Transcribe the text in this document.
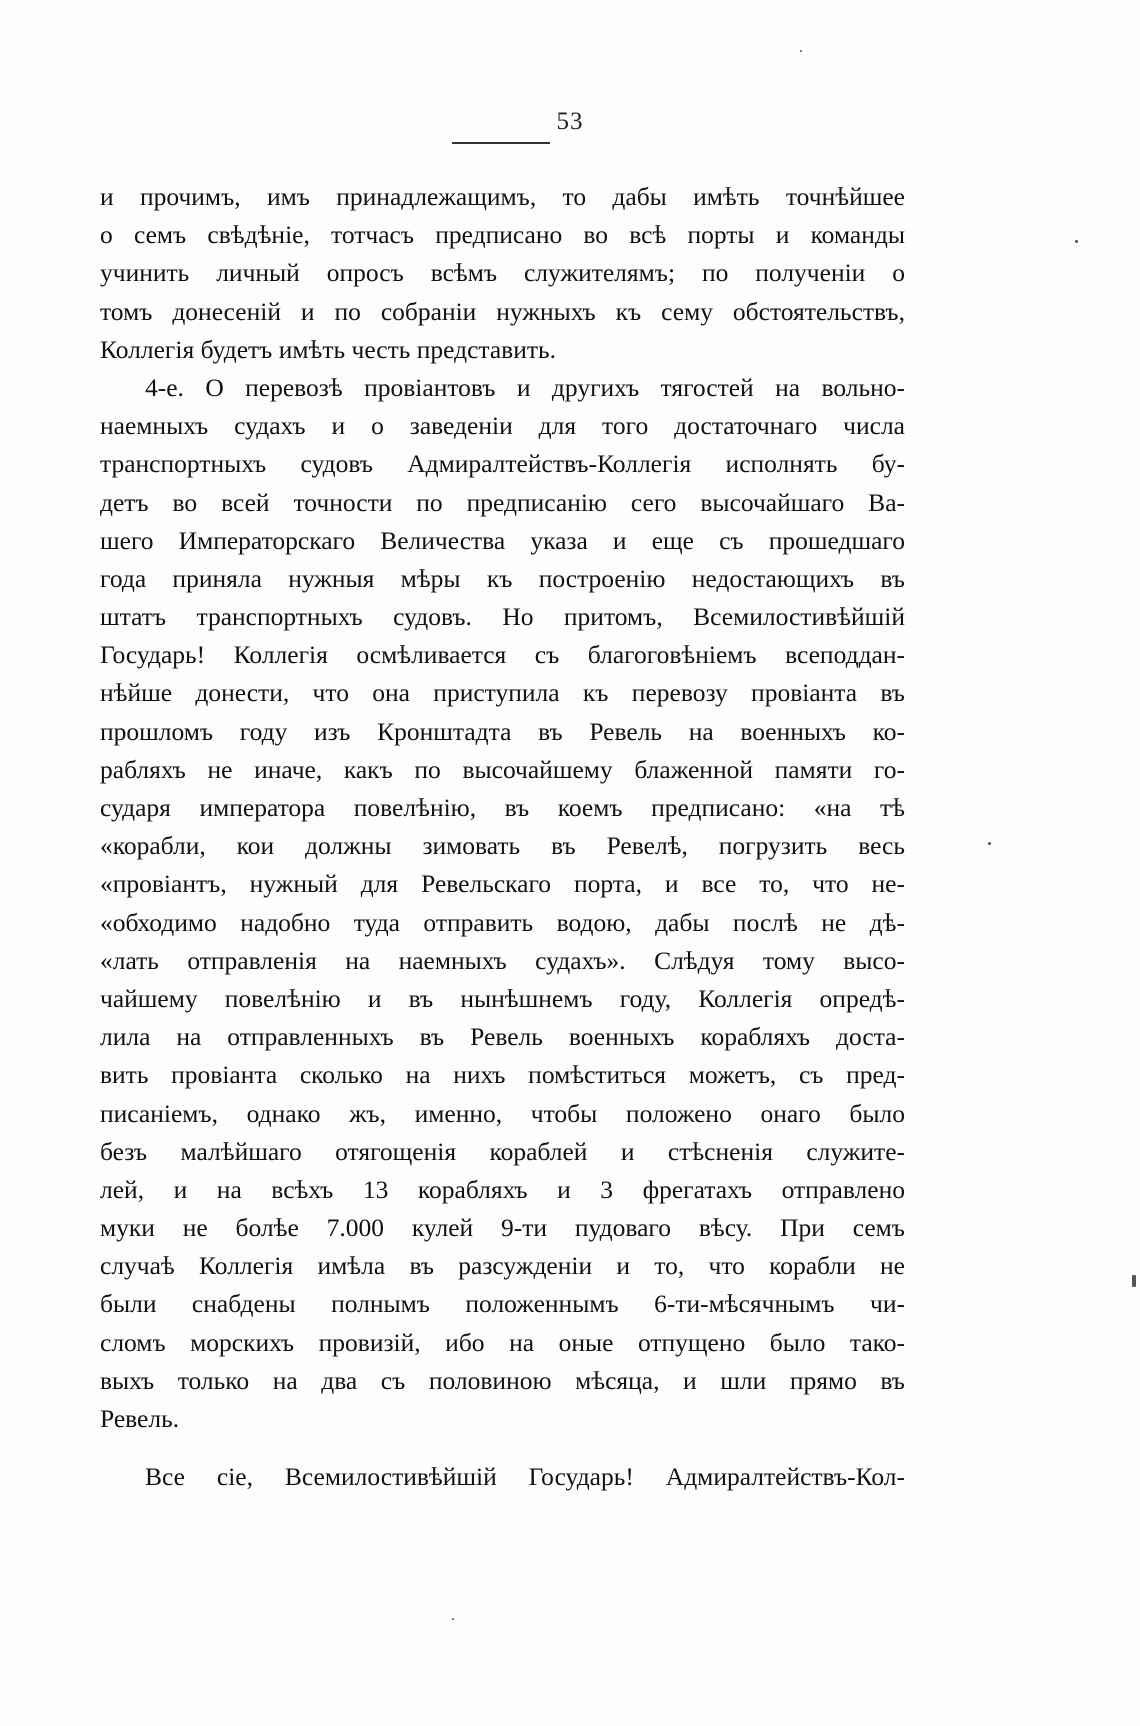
53
и прочимъ, имъ принадлежащимъ, то дабы имѣть точнѣйшее
о семъ свѣдѣніе, тотчасъ предписано во всѣ порты и команды
учинить личный опросъ всѣмъ служителямъ; по полученіи о
томъ донесеній и по собраніи нужныхъ къ сему обстоятельствъ,
Коллегія будетъ имѣть честь представить.
4-е. О перевозѣ провіантовъ и другихъ тягостей на вольно-
наемныхъ судахъ и о заведеніи для того достаточнаго числа
транспортныхъ судовъ Адмиралтействъ-Коллегія исполнять бу-
детъ во всей точности по предписанію сего высочайшаго Ва-
шего Императорскаго Величества указа и еще съ прошедшаго
года приняла нужныя мѣры къ построенію недостающихъ въ
штатъ транспортныхъ судовъ. Но притомъ, Всемилостивѣйшій
Государь! Коллегія осмѣливается съ благоговѣніемъ всеподдан-
нѣйше донести, что она приступила къ перевозу провіанта въ
прошломъ году изъ Кронштадта въ Ревель на военныхъ ко-
рабляхъ не иначе, какъ по высочайшему блаженной памяти го-
сударя императора повелѣнію, въ коемъ предписано: «на тѣ
«корабли, кои должны зимовать въ Ревелѣ, погрузить весь
«провіантъ, нужный для Ревельскаго порта, и все то, что не-
«обходимо надобно туда отправить водою, дабы послѣ не дѣ-
«лать отправленія на наемныхъ судахъ». Слѣдуя тому высо-
чайшему повелѣнію и въ нынѣшнемъ году, Коллегія опредѣ-
лила на отправленныхъ въ Ревель военныхъ корабляхъ доста-
вить провіанта сколько на нихъ помѣститься можетъ, съ пред-
писаніемъ, однако жъ, именно, чтобы положено онаго было
безъ малѣйшаго отягощенія кораблей и стѣсненія служите-
лей, и на всѣхъ 13 корабляхъ и 3 фрегатахъ отправлено
муки не болѣе 7.000 кулей 9-ти пудоваго вѣсу. При семъ
случаѣ Коллегія имѣла въ разсужденіи и то, что корабли не
были снабдены полнымъ положеннымъ 6-ти-мѣсячнымъ чи-
сломъ морскихъ провизій, ибо на оные отпущено было тако-
выхъ только на два съ половиною мѣсяца, и шли прямо въ
Ревель.
Все сіе, Всемилостивѣйшій Государь! Адмиралтействъ-Кол-
